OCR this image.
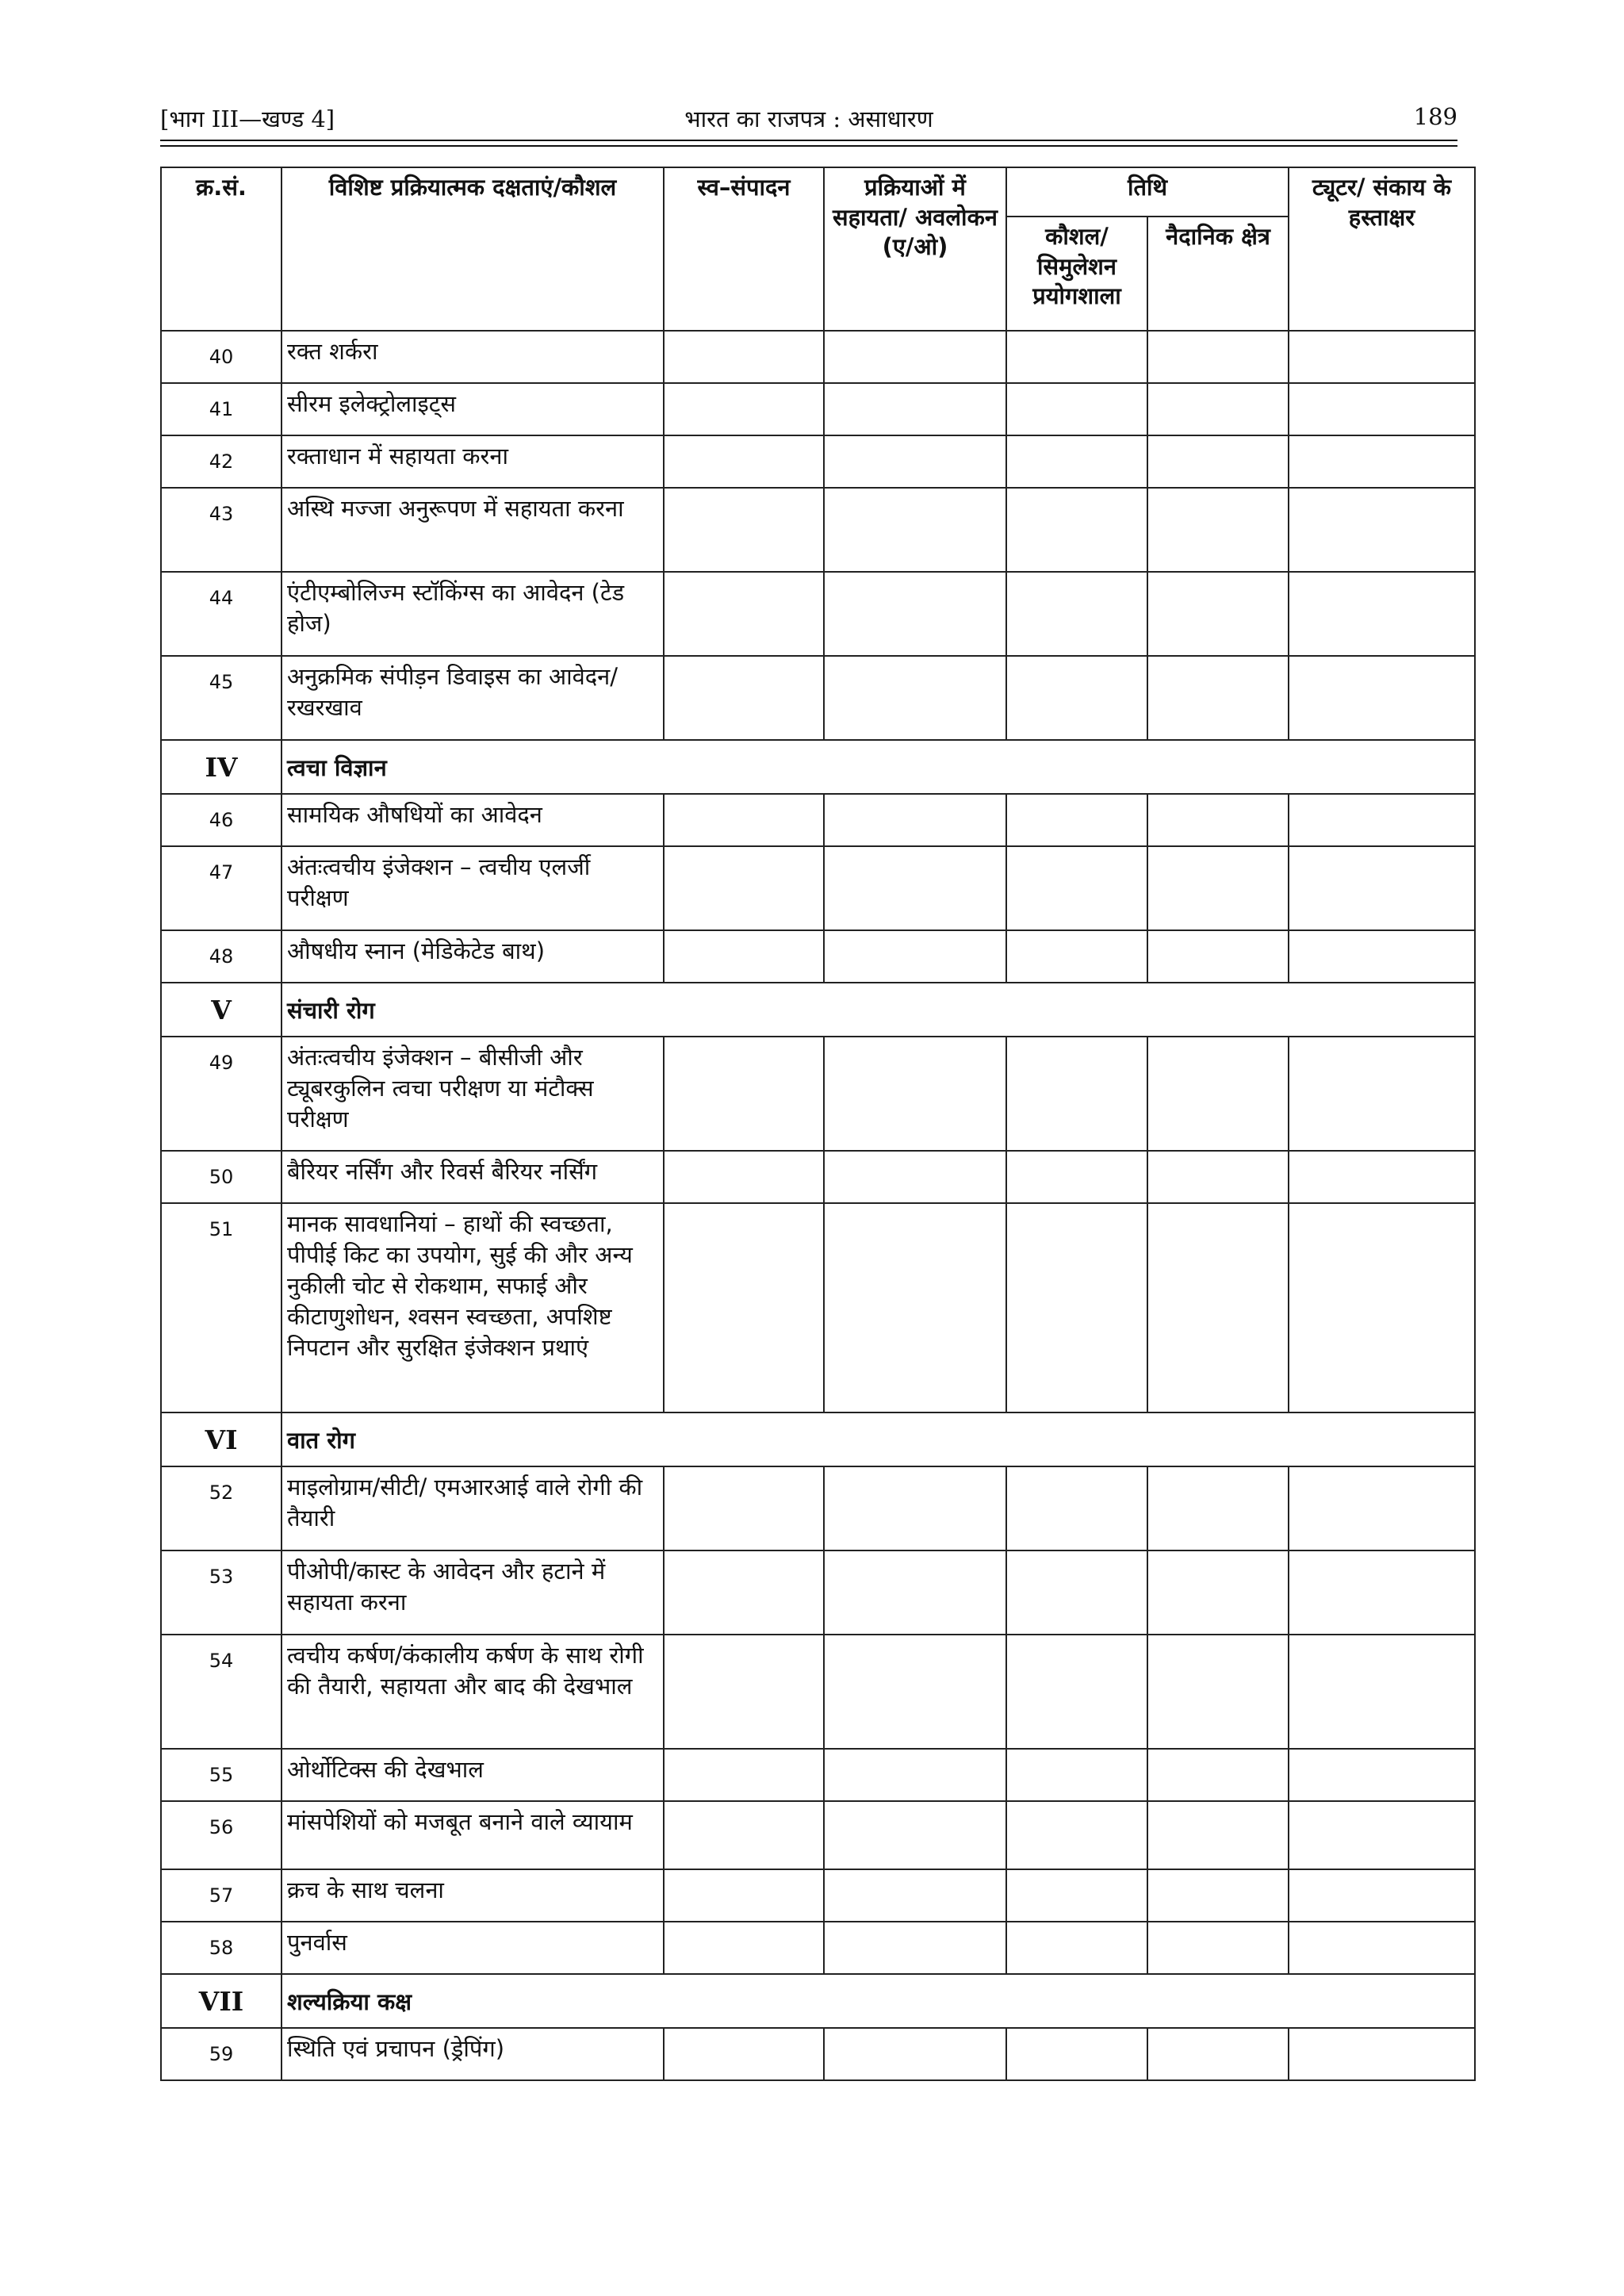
[भाग III—खण्ड 4]	भारत का राजपत्र : असाधारण	189
क्र.सं.	विशिष्ट प्रक्रियात्मक दक्षताएं/कौशल	स्व–संपादन	प्रक्रियाओं में सहायता/ अवलोकन (ए/ओ)	तिथि		ट्यूटर/ संकाय के हस्ताक्षर
				कौशल/ सिमुलेशन प्रयोगशाला	नैदानिक क्षेत्र	
40	रक्त शर्करा					
41	सीरम इलेक्ट्रोलाइट्स					
42	रक्ताधान में सहायता करना					
43	अस्थि मज्जा अनुरूपण में सहायता करना					
44	एंटीएम्बोलिज्म स्टॉकिंग्स का आवेदन (टेड होज)					
45	अनुक्रमिक संपीड़न डिवाइस का आवेदन/रखरखाव					
IV	त्वचा विज्ञान					
46	सामयिक औषधियों का आवेदन					
47	अंतःत्वचीय इंजेक्शन – त्वचीय एलर्जी परीक्षण					
48	औषधीय स्नान (मेडिकेटेड बाथ)					
V	संचारी रोग					
49	अंतःत्वचीय इंजेक्शन – बीसीजी और ट्यूबरकुलिन त्वचा परीक्षण या मंटौक्स परीक्षण					
50	बैरियर नर्सिंग और रिवर्स बैरियर नर्सिंग					
51	मानक सावधानियां – हाथों की स्वच्छता, पीपीई किट का उपयोग, सुई की और अन्य नुकीली चोट से रोकथाम, सफाई और कीटाणुशोधन, श्वसन स्वच्छता, अपशिष्ट निपटान और सुरक्षित इंजेक्शन प्रथाएं					
VI	वात रोग					
52	माइलोग्राम/सीटी/ एमआरआई वाले रोगी की तैयारी					
53	पीओपी/कास्ट के आवेदन और हटाने में सहायता करना					
54	त्वचीय कर्षण/कंकालीय कर्षण के साथ रोगी की तैयारी, सहायता और बाद की देखभाल					
55	ओर्थोटिक्स की देखभाल					
56	मांसपेशियों को मजबूत बनाने वाले व्यायाम					
57	क्रच के साथ चलना					
58	पुनर्वास					
VII	शल्यक्रिया कक्ष					
59	स्थिति एवं प्रचापन (ड्रेपिंग)					
